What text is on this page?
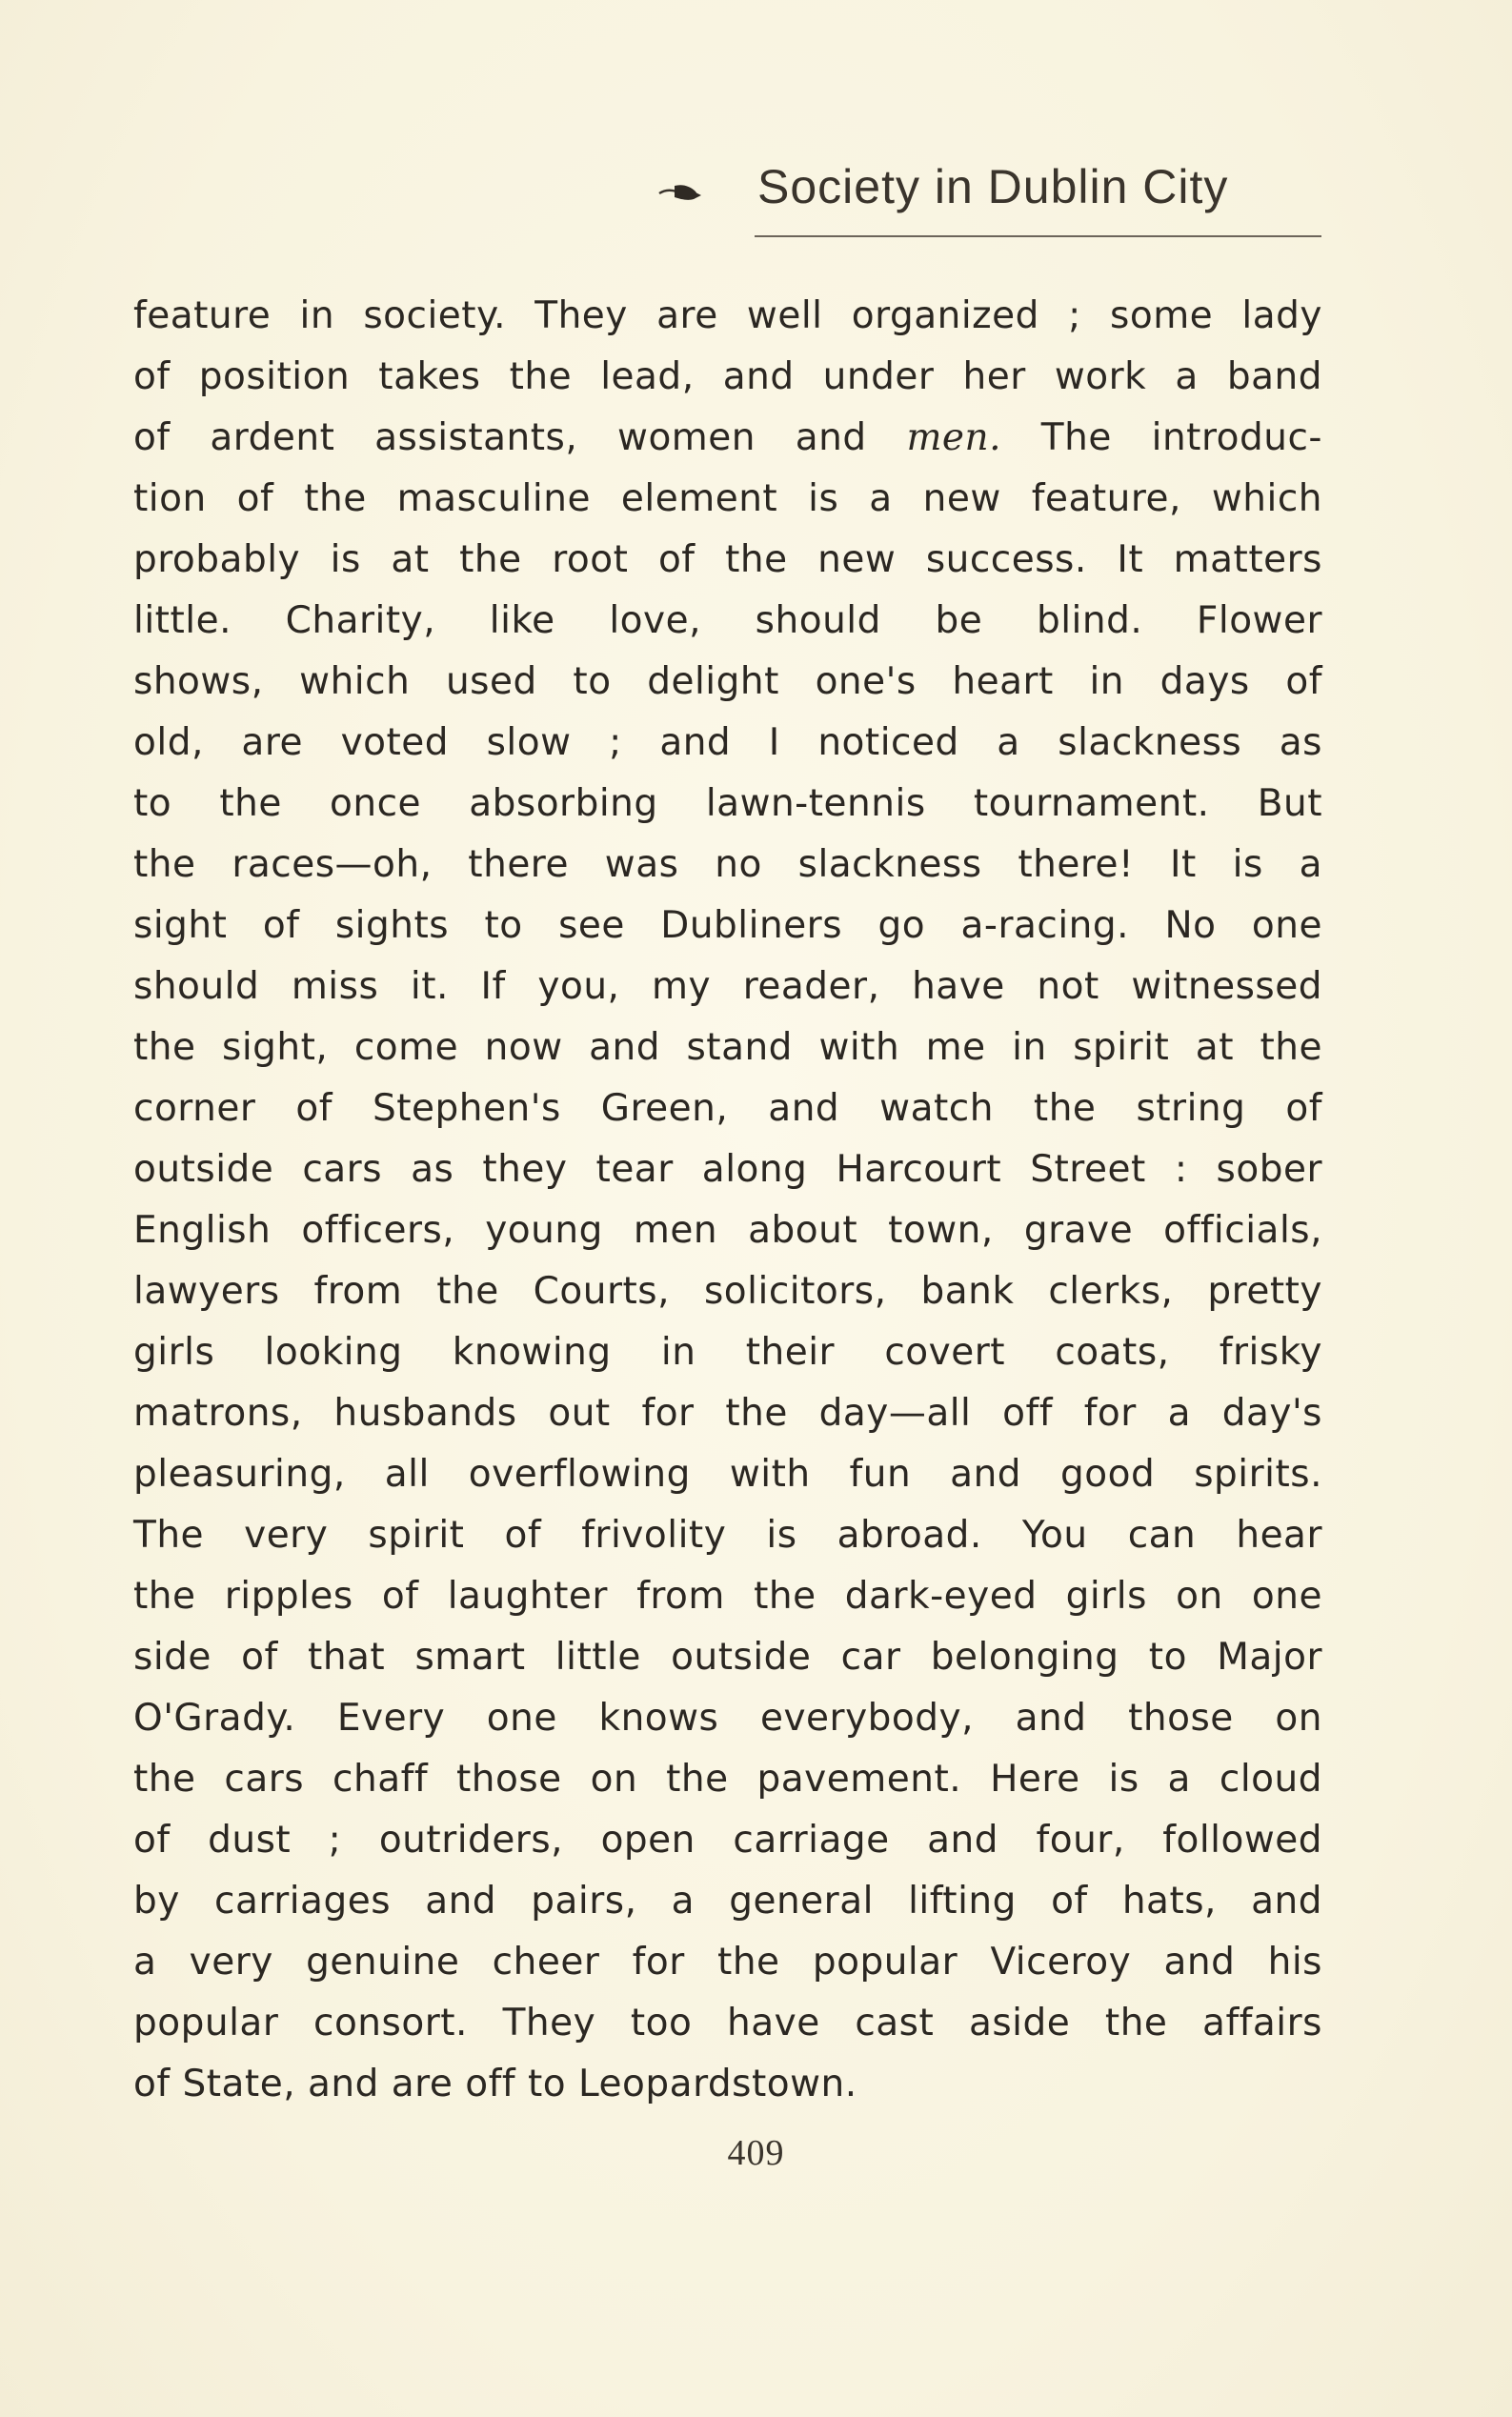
Society in Dublin City
feature in society. They are well organized ; some lady
of position takes the lead, and under her work a band
of ardent assistants, women and men. The introduc-
tion of the masculine element is a new feature, which
probably is at the root of the new success. It matters
little. Charity, like love, should be blind. Flower
shows, which used to delight one's heart in days of
old, are voted slow ; and I noticed a slackness as
to the once absorbing lawn-tennis tournament. But
the races—oh, there was no slackness there! It is a
sight of sights to see Dubliners go a-racing. No one
should miss it. If you, my reader, have not witnessed
the sight, come now and stand with me in spirit at the
corner of Stephen's Green, and watch the string of
outside cars as they tear along Harcourt Street : sober
English officers, young men about town, grave officials,
lawyers from the Courts, solicitors, bank clerks, pretty
girls looking knowing in their covert coats, frisky
matrons, husbands out for the day—all off for a day's
pleasuring, all overflowing with fun and good spirits.
The very spirit of frivolity is abroad. You can hear
the ripples of laughter from the dark-eyed girls on one
side of that smart little outside car belonging to Major
O'Grady. Every one knows everybody, and those on
the cars chaff those on the pavement. Here is a cloud
of dust ; outriders, open carriage and four, followed
by carriages and pairs, a general lifting of hats, and
a very genuine cheer for the popular Viceroy and his
popular consort. They too have cast aside the affairs
of State, and are off to Leopardstown.
409
